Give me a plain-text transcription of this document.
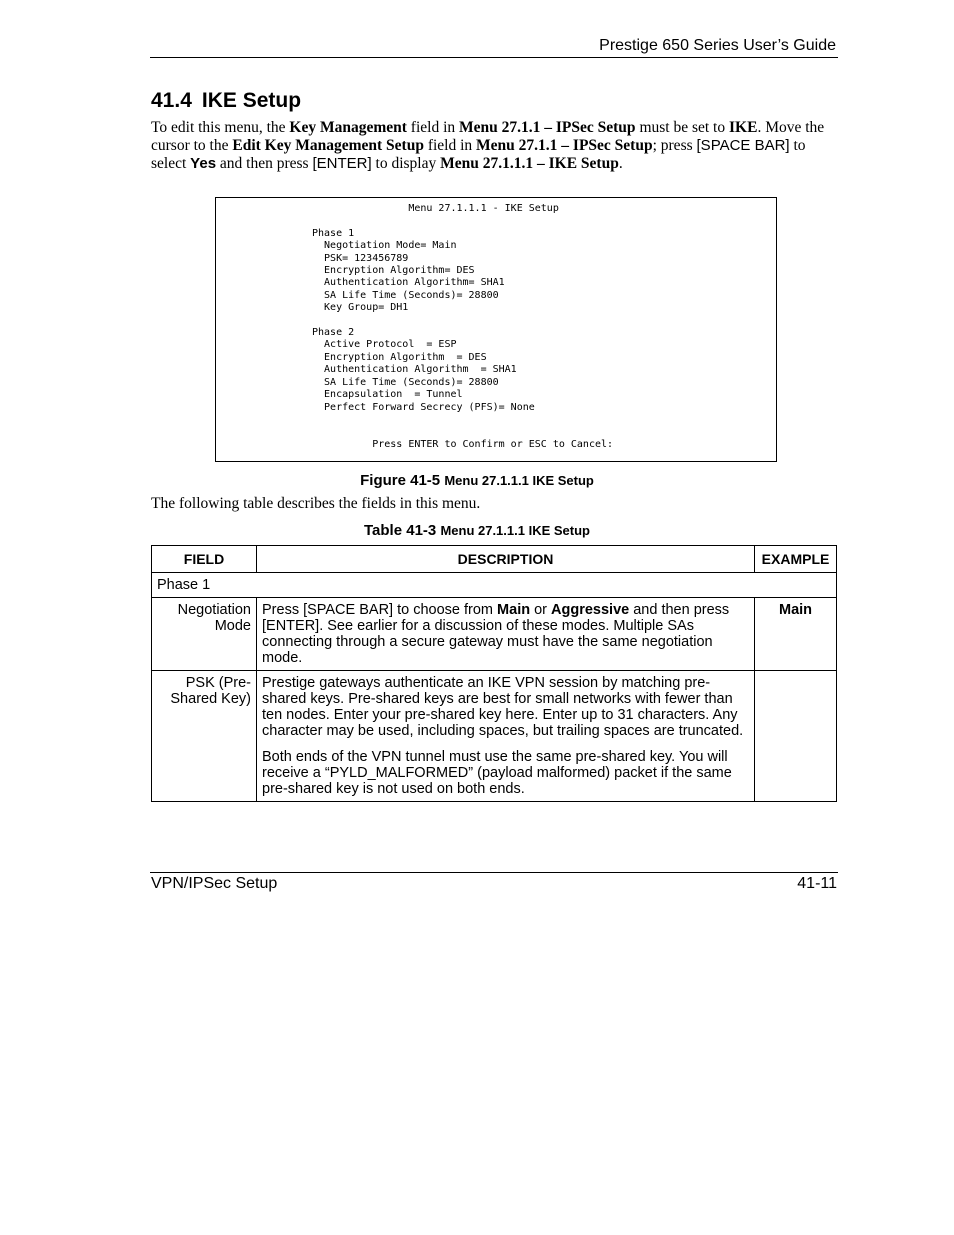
Prestige 650 Series User’s Guide
41.4 IKE Setup

To edit this menu, the Key Management field in Menu 27.1.1 – IPSec Setup must be set to IKE. Move the cursor to the Edit Key Management Setup field in Menu 27.1.1 – IPSec Setup; press [SPACE BAR] to select Yes and then press [ENTER] to display Menu 27.1.1.1 – IKE Setup.

Menu 27.1.1.1 - IKE Setup

Phase 1
Negotiation Mode= Main
PSK= 123456789
Encryption Algorithm= DES
Authentication Algorithm= SHA1
SA Life Time (Seconds)= 28800
Key Group= DH1

Phase 2
Active Protocol  = ESP
Encryption Algorithm  = DES
Authentication Algorithm  = SHA1
SA Life Time (Seconds)= 28800
Encapsulation  = Tunnel
Perfect Forward Secrecy (PFS)= None

Press ENTER to Confirm or ESC to Cancel:
Figure 41-5 Menu 27.1.1.1 IKE Setup

The following table describes the fields in this menu.

Table 41-3 Menu 27.1.1.1 IKE Setup
FIELD	DESCRIPTION	EXAMPLE
Phase 1		
Negotiation Mode	Press [SPACE BAR] to choose from Main or Aggressive and then press [ENTER]. See earlier for a discussion of these modes. Multiple SAs connecting through a secure gateway must have the same negotiation mode.	Main
PSK (Pre-Shared Key)	Prestige gateways authenticate an IKE VPN session by matching pre-shared keys. Pre-shared keys are best for small networks with fewer than ten nodes. Enter your pre-shared key here. Enter up to 31 characters. Any character may be used, including spaces, but trailing spaces are truncated.

Both ends of the VPN tunnel must use the same pre-shared key. You will receive a “PYLD_MALFORMED” (payload malformed) packet if the same pre-shared key is not used on both ends.	

VPN/IPSec Setup	41-11
